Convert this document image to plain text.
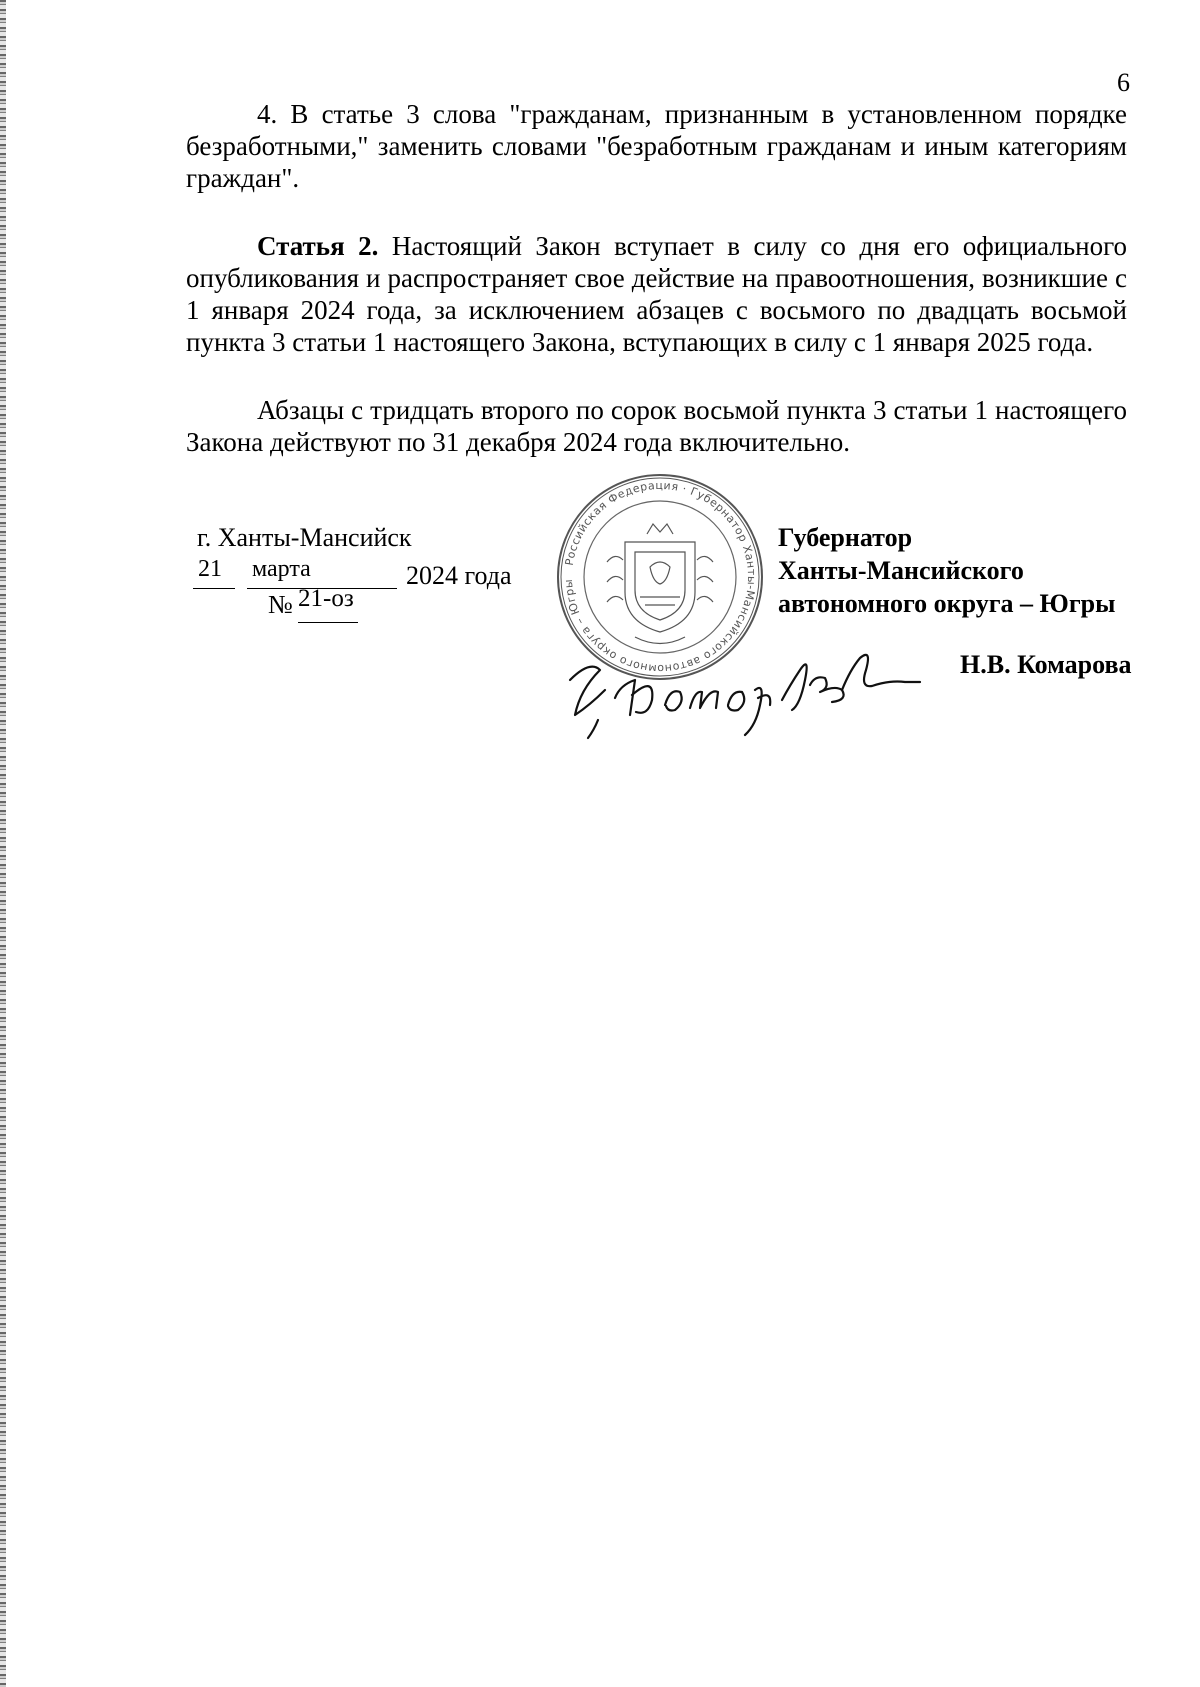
6

4. В статье 3 слова "гражданам, признанным в установленном порядке безработными," заменить словами "безработным гражданам и иным категориям граждан".

Статья 2. Настоящий Закон вступает в силу со дня его официального опубликования и распространяет свое действие на правоотношения, возникшие с 1 января 2024 года, за исключением абзацев с восьмого по двадцать восьмой пункта 3 статьи 1 настоящего Закона, вступающих в силу с 1 января 2025 года.

Абзацы с тридцать второго по сорок восьмой пункта 3 статьи 1 настоящего Закона действуют по 31 декабря 2024 года включительно.

г. Ханты-Мансийск
21 марта	2024 года
№ 21-оз
Российская Федерация · Губернатор Ханты-Мансийского автономного округа – Югры
Губернатор
Ханты-Мансийского
автономного округа – Югры
Н.В. Комарова
